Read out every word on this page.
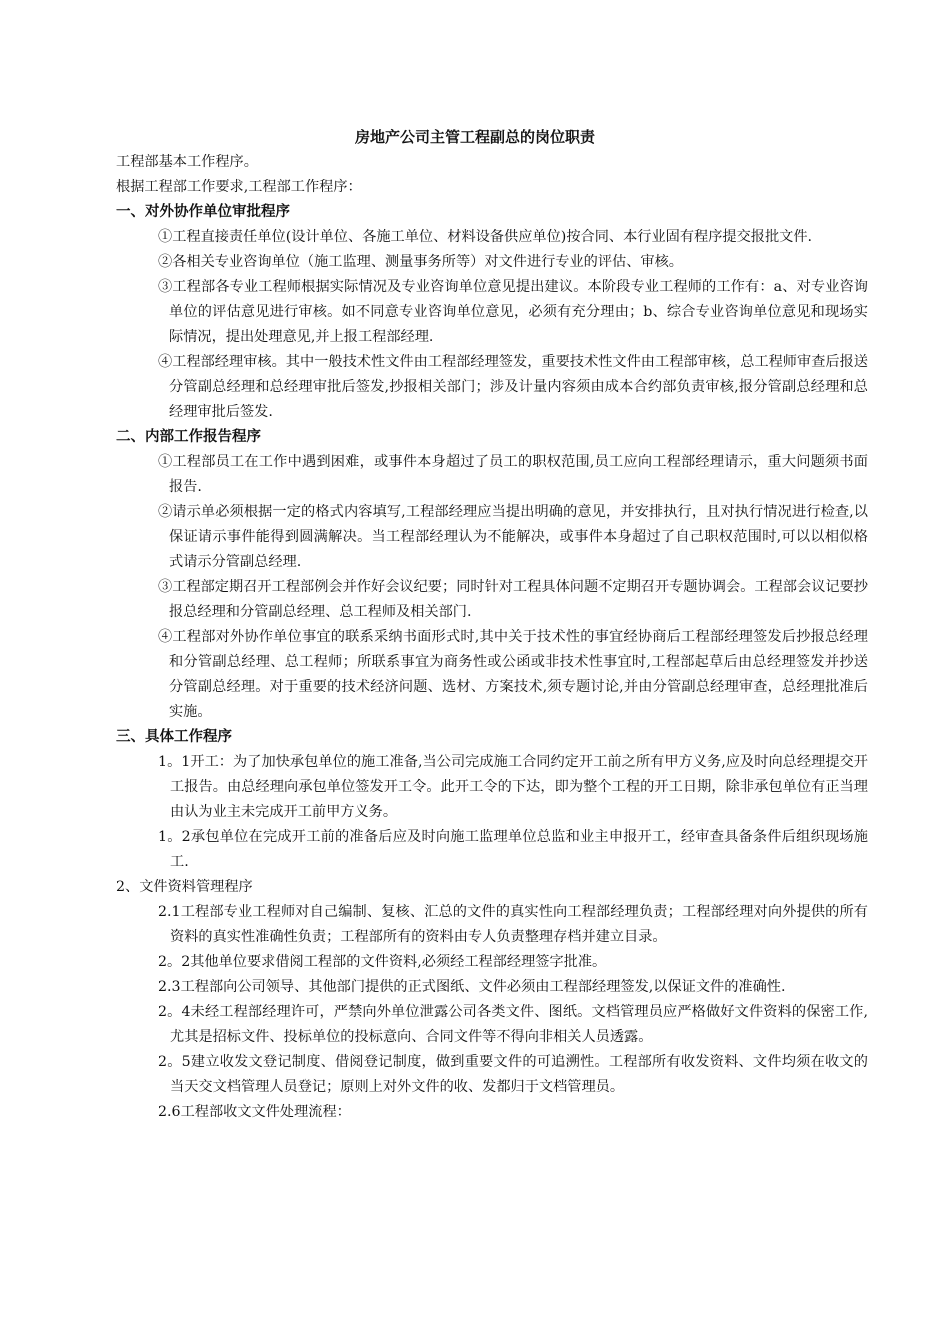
房地产公司主管工程副总的岗位职责

工程部基本工作程序。

根据工程部工作要求,工程部工作程序：

一、对外协作单位审批程序

①工程直接责任单位(设计单位、各施工单位、材料设备供应单位)按合同、本行业固有程序提交报批文件.

②各相关专业咨询单位（施工监理、测量事务所等）对文件进行专业的评估、审核。

③工程部各专业工程师根据实际情况及专业咨询单位意见提出建议。本阶段专业工程师的工作有：a、对专业咨询单位的评估意见进行审核。如不同意专业咨询单位意见，必须有充分理由；b、综合专业咨询单位意见和现场实际情况，提出处理意见,并上报工程部经理.

④工程部经理审核。其中一般技术性文件由工程部经理签发，重要技术性文件由工程部审核，总工程师审查后报送分管副总经理和总经理审批后签发,抄报相关部门；涉及计量内容须由成本合约部负责审核,报分管副总经理和总经理审批后签发.

二、内部工作报告程序

①工程部员工在工作中遇到困难，或事件本身超过了员工的职权范围,员工应向工程部经理请示，重大问题须书面报告.

②请示单必须根据一定的格式内容填写,工程部经理应当提出明确的意见，并安排执行，且对执行情况进行检查,以保证请示事件能得到圆满解决。当工程部经理认为不能解决，或事件本身超过了自己职权范围时,可以以相似格式请示分管副总经理.

③工程部定期召开工程部例会并作好会议纪要；同时针对工程具体问题不定期召开专题协调会。工程部会议记要抄报总经理和分管副总经理、总工程师及相关部门.

④工程部对外协作单位事宜的联系采纳书面形式时,其中关于技术性的事宜经协商后工程部经理签发后抄报总经理和分管副总经理、总工程师；所联系事宜为商务性或公函或非技术性事宜时,工程部起草后由总经理签发并抄送分管副总经理。对于重要的技术经济问题、选材、方案技术,须专题讨论,并由分管副总经理审查，总经理批准后实施。

三、具体工作程序

1。1开工：为了加快承包单位的施工准备,当公司完成施工合同约定开工前之所有甲方义务,应及时向总经理提交开工报告。由总经理向承包单位签发开工令。此开工令的下达，即为整个工程的开工日期，除非承包单位有正当理由认为业主未完成开工前甲方义务。

1。2承包单位在完成开工前的准备后应及时向施工监理单位总监和业主申报开工，经审查具备条件后组织现场施工.

2、文件资料管理程序

2.1工程部专业工程师对自己编制、复核、汇总的文件的真实性向工程部经理负责；工程部经理对向外提供的所有资料的真实性准确性负责；工程部所有的资料由专人负责整理存档并建立目录。

2。2其他单位要求借阅工程部的文件资料,必须经工程部经理签字批准。

2.3工程部向公司领导、其他部门提供的正式图纸、文件必须由工程部经理签发,以保证文件的准确性.

2。4未经工程部经理许可，严禁向外单位泄露公司各类文件、图纸。文档管理员应严格做好文件资料的保密工作,尤其是招标文件、投标单位的投标意向、合同文件等不得向非相关人员透露。

2。5建立收发文登记制度、借阅登记制度，做到重要文件的可追溯性。工程部所有收发资料、文件均须在收文的当天交文档管理人员登记；原则上对外文件的收、发都归于文档管理员。

2.6工程部收文文件处理流程：
